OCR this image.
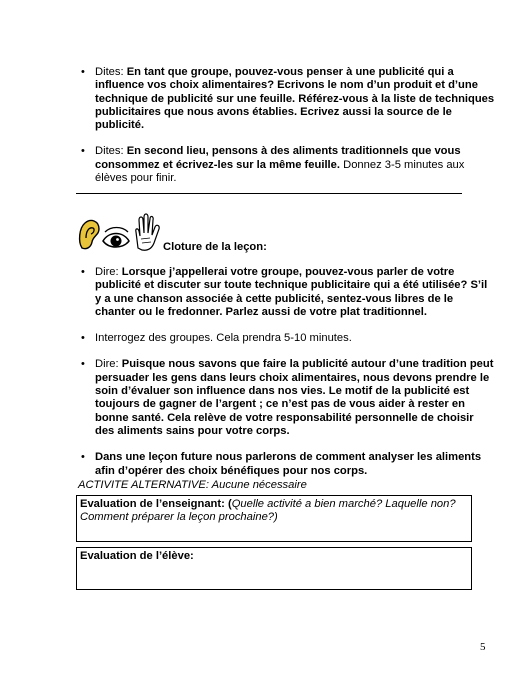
• Dites: En tant que groupe, pouvez-vous penser à une publicité qui a influence vos choix alimentaires? Ecrivons le nom d’un produit et d’une technique de publicité sur une feuille. Référez-vous à la liste de techniques publicitaires que nous avons établies. Ecrivez aussi la source de le publicité.
• Dites: En second lieu, pensons à des aliments traditionnels que vous consommez et écrivez-les sur la même feuille. Donnez 3-5 minutes aux élèves pour finir.
Cloture de la leçon:
• Dire: Lorsque j’appellerai votre groupe, pouvez-vous parler de votre publicité et discuter sur toute technique publicitaire qui a été utilisée? S’il y a une chanson associée à cette publicité, sentez-vous libres de le chanter ou le fredonner. Parlez aussi de votre plat traditionnel.
• Interrogez des groupes. Cela prendra 5-10 minutes.
• Dire: Puisque nous savons que faire la publicité autour d’une tradition peut persuader les gens dans leurs choix alimentaires, nous devons prendre le soin d’évaluer son influence dans nos vies. Le motif de la publicité est toujours de gagner de l’argent ; ce n’est pas de vous aider à rester en bonne santé. Cela relève de votre responsabilité personnelle de choisir des aliments sains pour votre corps.
• Dans une leçon future nous parlerons de comment analyser les aliments afin d’opérer des choix bénéfiques pour nos corps.
ACTIVITE ALTERNATIVE: Aucune nécessaire
Evaluation de l’enseignant: (Quelle activité a bien marché? Laquelle non? Comment préparer la leçon prochaine?)
Evaluation de l’élève:
5
